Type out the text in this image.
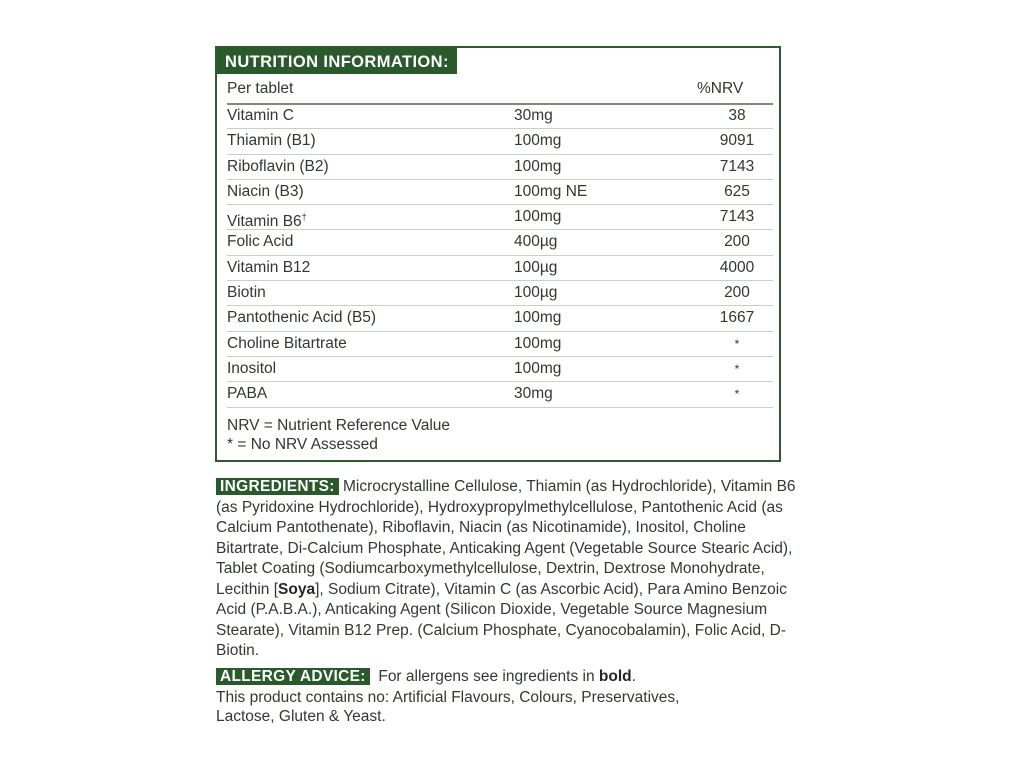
NUTRITION INFORMATION:
Per tablet	%NRV
Vitamin C	30mg	38
Thiamin (B1)	100mg	9091
Riboflavin (B2)	100mg	7143
Niacin (B3)	100mg NE	625
Vitamin B6†	100mg	7143
Folic Acid	400µg	200
Vitamin B12	100µg	4000
Biotin	100µg	200
Pantothenic Acid (B5)	100mg	1667
Choline Bitartrate	100mg	*
Inositol	100mg	*
PABA	30mg	*
NRV = Nutrient Reference Value
* = No NRV Assessed
INGREDIENTS: Microcrystalline Cellulose, Thiamin (as Hydrochloride), Vitamin B6 (as Pyridoxine Hydrochloride), Hydroxypropylmethylcellulose, Pantothenic Acid (as Calcium Pantothenate), Riboflavin, Niacin (as Nicotinamide), Inositol, Choline Bitartrate, Di-Calcium Phosphate, Anticaking Agent (Vegetable Source Stearic Acid), Tablet Coating (Sodiumcarboxymethylcellulose, Dextrin, Dextrose Monohydrate, Lecithin [Soya], Sodium Citrate), Vitamin C (as Ascorbic Acid), Para Amino Benzoic Acid (P.A.B.A.), Anticaking Agent (Silicon Dioxide, Vegetable Source Magnesium Stearate), Vitamin B12 Prep. (Calcium Phosphate, Cyanocobalamin), Folic Acid, D-Biotin.
ALLERGY ADVICE:  For allergens see ingredients in bold.
This product contains no: Artificial Flavours, Colours, Preservatives, Lactose, Gluten & Yeast.
